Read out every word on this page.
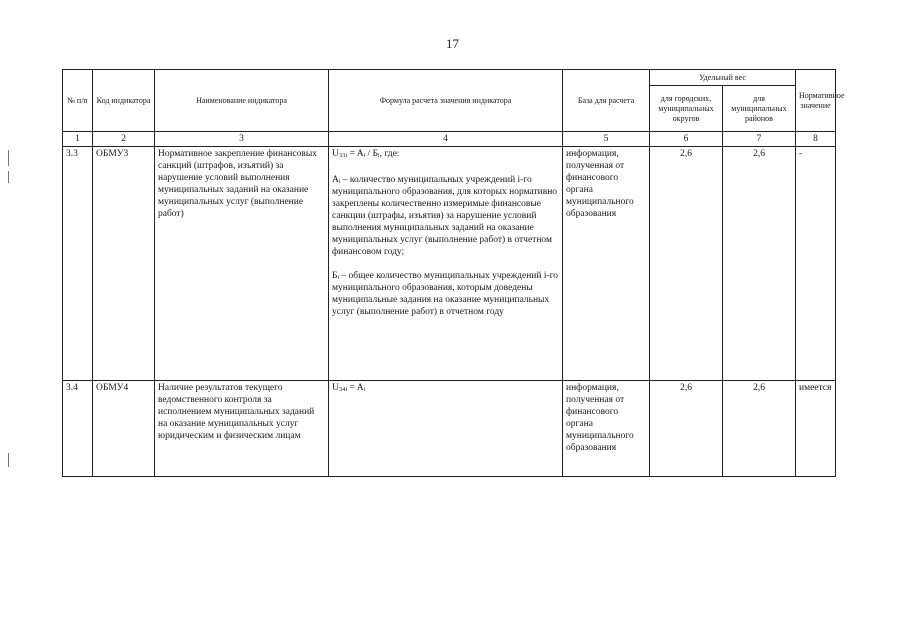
17
№ п/п	Код индикатора	Наименование индикатора	Формула расчета значения индикатора	База для расчета	Удельный вес		Нормативное значение
					для городских, муниципальных округов	для муниципальных районов	
1	2	3	4	5	6	7	8
3.3	ОБМУ3	Нормативное закрепление финансовых санкций (штрафов, изъятий) за нарушение условий выполнения муниципальных заданий на оказание муниципальных услуг (выполнение работ)	U33i = Aᵢ / Бᵢ, где:
Aᵢ – количество муниципальных учреждений i-го муниципального образования, для которых нормативно закреплены количественно измеримые финансовые санкции (штрафы, изъятия) за нарушение условий выполнения муниципальных заданий на оказание муниципальных услуг (выполнение работ) в отчетном финансовом году;
Бᵢ – общее количество муниципальных учреждений i-го муниципального образования, которым доведены муниципальные задания на оказание муниципальных услуг (выполнение работ) в отчетном году	информация, полученная от финансового органа муниципального образования	2,6	2,6	-
3.4	ОБМУ4	Наличие результатов текущего ведомственного контроля за исполнением муниципальных заданий на оказание муниципальных услуг юридическим и физическим лицам	U34i = Aᵢ	информация, полученная от финансового органа муниципального образования	2,6	2,6	имеется
